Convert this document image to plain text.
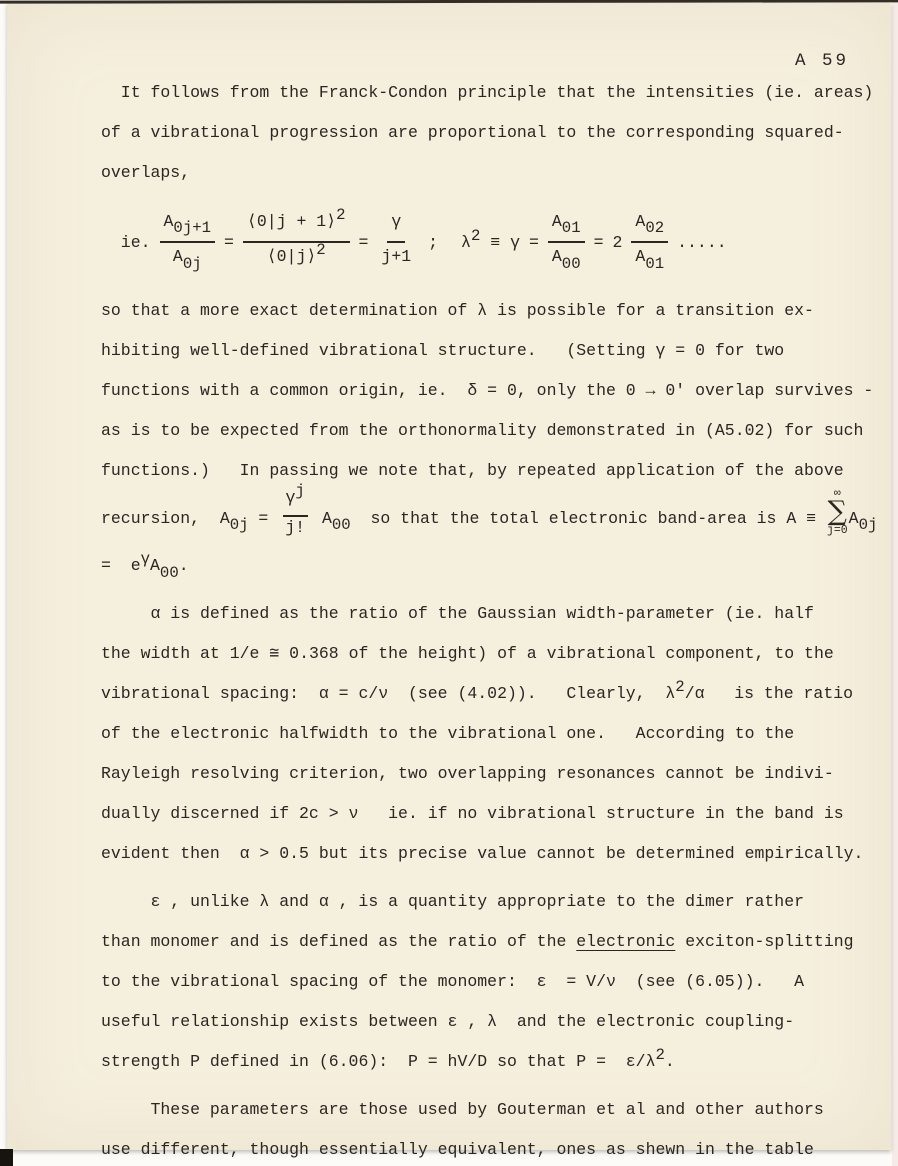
A 59

It follows from the Franck-Condon principle that the intensities (ie. areas)
of a vibrational progression are proportional to the corresponding squared-
overlaps,

ie. $\frac{A0j+1}{A0j} = \frac{⟨0|j + 1⟩2}{⟨0|j⟩2} = \frac{\gamma}{j+1}$ ; $\lambda 2 \equiv \gamma = \frac{A01}{A00} = 2 \frac{A02}{A01}$ .....

so that a more exact determination of λ is possible for a transition ex-
hibiting well-defined vibrational structure.   (Setting γ = 0 for two
functions with a common origin, ie.  δ = 0, only the 0 → 0' overlap survives -
as is to be expected from the orthonormality demonstrated in (A5.02) for such
functions.)   In passing we note that, by repeated application of the above
recursion,  $A0j = \frac{\gamma j}{j!} A00$  so that the total electronic band-area is A ≡
∞
∑
j=0
A0j
=  eγA00.

α is defined as the ratio of the Gaussian width-parameter (ie. half
the width at 1/e ≅ 0.368 of the height) of a vibrational component, to the
vibrational spacing:  α = c/ν  (see (4.02)).   Clearly,  λ2/α   is the ratio
of the electronic halfwidth to the vibrational one.   According to the
Rayleigh resolving criterion, two overlapping resonances cannot be indivi-
dually discerned if 2c > ν   ie. if no vibrational structure in the band is
evident then  α > 0.5 but its precise value cannot be determined empirically.

ε , unlike λ and α , is a quantity appropriate to the dimer rather
than monomer and is defined as the ratio of the electronic exciton-splitting
to the vibrational spacing of the monomer:  ε  = V/ν  (see (6.05)).   A
useful relationship exists between ε , λ  and the electronic coupling-
strength P defined in (6.06):  P = hV/D so that P =  ε/λ2.

These parameters are those used by Gouterman et al and other authors
use different, though essentially equivalent, ones as shewn in the table
